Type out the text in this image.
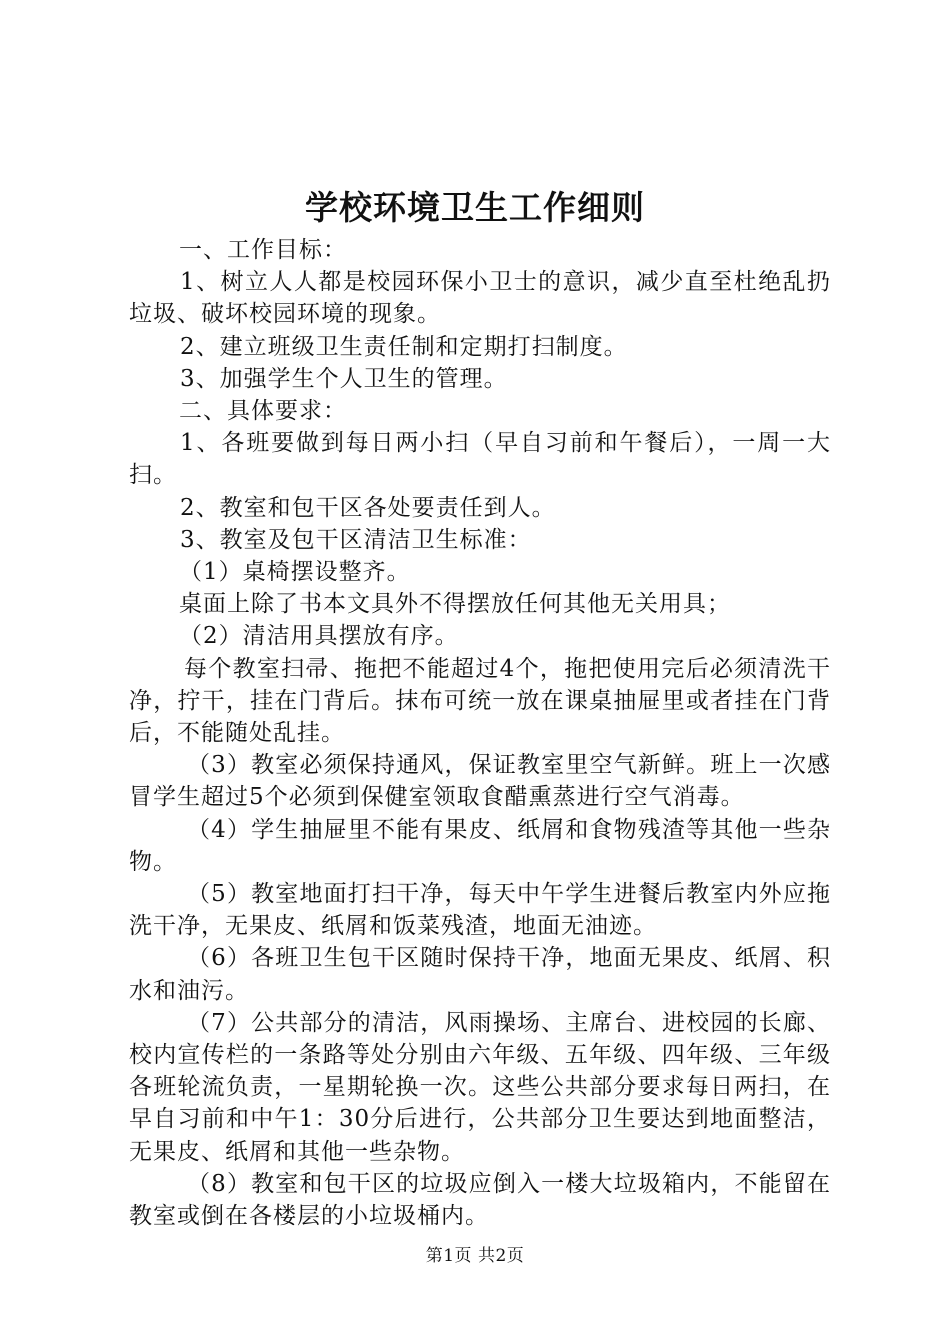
学校环境卫生工作细则

一、工作目标：

1、树立人人都是校园环保小卫士的意识，减少直至杜绝乱扔垃圾、破坏校园环境的现象。

2、建立班级卫生责任制和定期打扫制度。

3、加强学生个人卫生的管理。

二、具体要求：

1、各班要做到每日两小扫（早自习前和午餐后），一周一大扫。

2、教室和包干区各处要责任到人。

3、教室及包干区清洁卫生标准：

（1）桌椅摆设整齐。

桌面上除了书本文具外不得摆放任何其他无关用具；

（2）清洁用具摆放有序。

每个教室扫帚、拖把不能超过4个，拖把使用完后必须清洗干净，拧干，挂在门背后。抹布可统一放在课桌抽屉里或者挂在门背后，不能随处乱挂。

（3）教室必须保持通风，保证教室里空气新鲜。班上一次感冒学生超过5个必须到保健室领取食醋熏蒸进行空气消毒。

（4）学生抽屉里不能有果皮、纸屑和食物残渣等其他一些杂物。

（5）教室地面打扫干净，每天中午学生进餐后教室内外应拖洗干净，无果皮、纸屑和饭菜残渣，地面无油迹。

（6）各班卫生包干区随时保持干净，地面无果皮、纸屑、积水和油污。

（7）公共部分的清洁，风雨操场、主席台、进校园的长廊、校内宣传栏的一条路等处分别由六年级、五年级、四年级、三年级各班轮流负责，一星期轮换一次。这些公共部分要求每日两扫，在早自习前和中午1：30分后进行，公共部分卫生要达到地面整洁，无果皮、纸屑和其他一些杂物。

（8）教室和包干区的垃圾应倒入一楼大垃圾箱内，不能留在教室或倒在各楼层的小垃圾桶内。

第1页 共2页
